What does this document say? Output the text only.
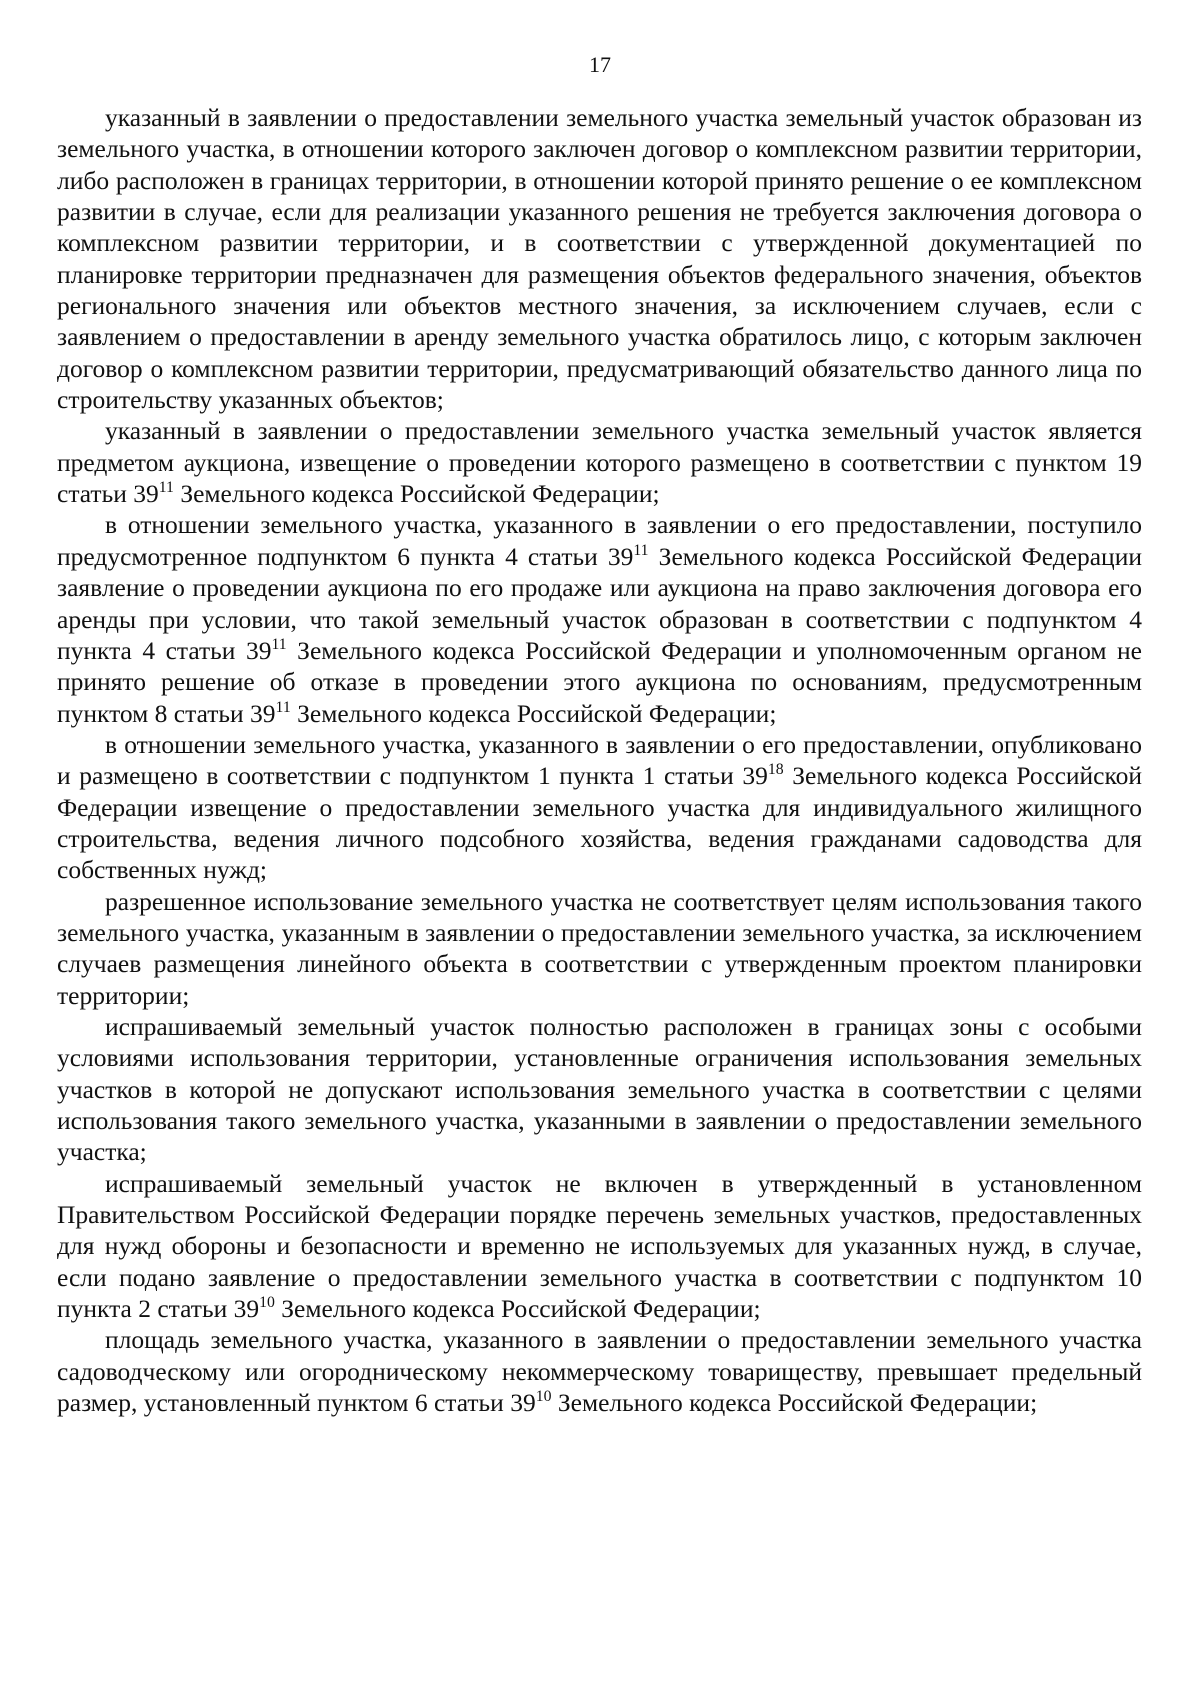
17

указанный в заявлении о предоставлении земельного участка земельный участок образован из земельного участка, в отношении которого заключен договор о комплексном развитии территории, либо расположен в границах территории, в отношении которой принято решение о ее комплексном развитии в случае, если для реализации указанного решения не требуется заключения договора о комплексном развитии территории, и в соответствии с утвержденной документацией по планировке территории предназначен для размещения объектов федерального значения, объектов регионального значения или объектов местного значения, за исключением случаев, если с заявлением о предоставлении в аренду земельного участка обратилось лицо, с которым заключен договор о комплексном развитии территории, предусматривающий обязательство данного лица по строительству указанных объектов;

указанный в заявлении о предоставлении земельного участка земельный участок является предметом аукциона, извещение о проведении которого размещено в соответствии с пунктом 19 статьи $39^{11}$ Земельного кодекса Российской Федерации;

в отношении земельного участка, указанного в заявлении о его предоставлении, поступило предусмотренное подпунктом 6 пункта 4 статьи $39^{11}$ Земельного кодекса Российской Федерации заявление о проведении аукциона по его продаже или аукциона на право заключения договора его аренды при условии, что такой земельный участок образован в соответствии с подпунктом 4 пункта 4 статьи $39^{11}$ Земельного кодекса Российской Федерации и уполномоченным органом не принято решение об отказе в проведении этого аукциона по основаниям, предусмотренным пунктом 8 статьи $39^{11}$ Земельного кодекса Российской Федерации;

в отношении земельного участка, указанного в заявлении о его предоставлении, опубликовано и размещено в соответствии с подпунктом 1 пункта 1 статьи $39^{18}$ Земельного кодекса Российской Федерации извещение о предоставлении земельного участка для индивидуального жилищного строительства, ведения личного подсобного хозяйства, ведения гражданами садоводства для собственных нужд;

разрешенное использование земельного участка не соответствует целям использования такого земельного участка, указанным в заявлении о предоставлении земельного участка, за исключением случаев размещения линейного объекта в соответствии с утвержденным проектом планировки территории;

испрашиваемый земельный участок полностью расположен в границах зоны с особыми условиями использования территории, установленные ограничения использования земельных участков в которой не допускают использования земельного участка в соответствии с целями использования такого земельного участка, указанными в заявлении о предоставлении земельного участка;

испрашиваемый земельный участок не включен в утвержденный в установленном Правительством Российской Федерации порядке перечень земельных участков, предоставленных для нужд обороны и безопасности и временно не используемых для указанных нужд, в случае, если подано заявление о предоставлении земельного участка в соответствии с подпунктом 10 пункта 2 статьи $39^{10}$ Земельного кодекса Российской Федерации;

площадь земельного участка, указанного в заявлении о предоставлении земельного участка садоводческому или огородническому некоммерческому товариществу, превышает предельный размер, установленный пунктом 6 статьи $39^{10}$ Земельного кодекса Российской Федерации;
